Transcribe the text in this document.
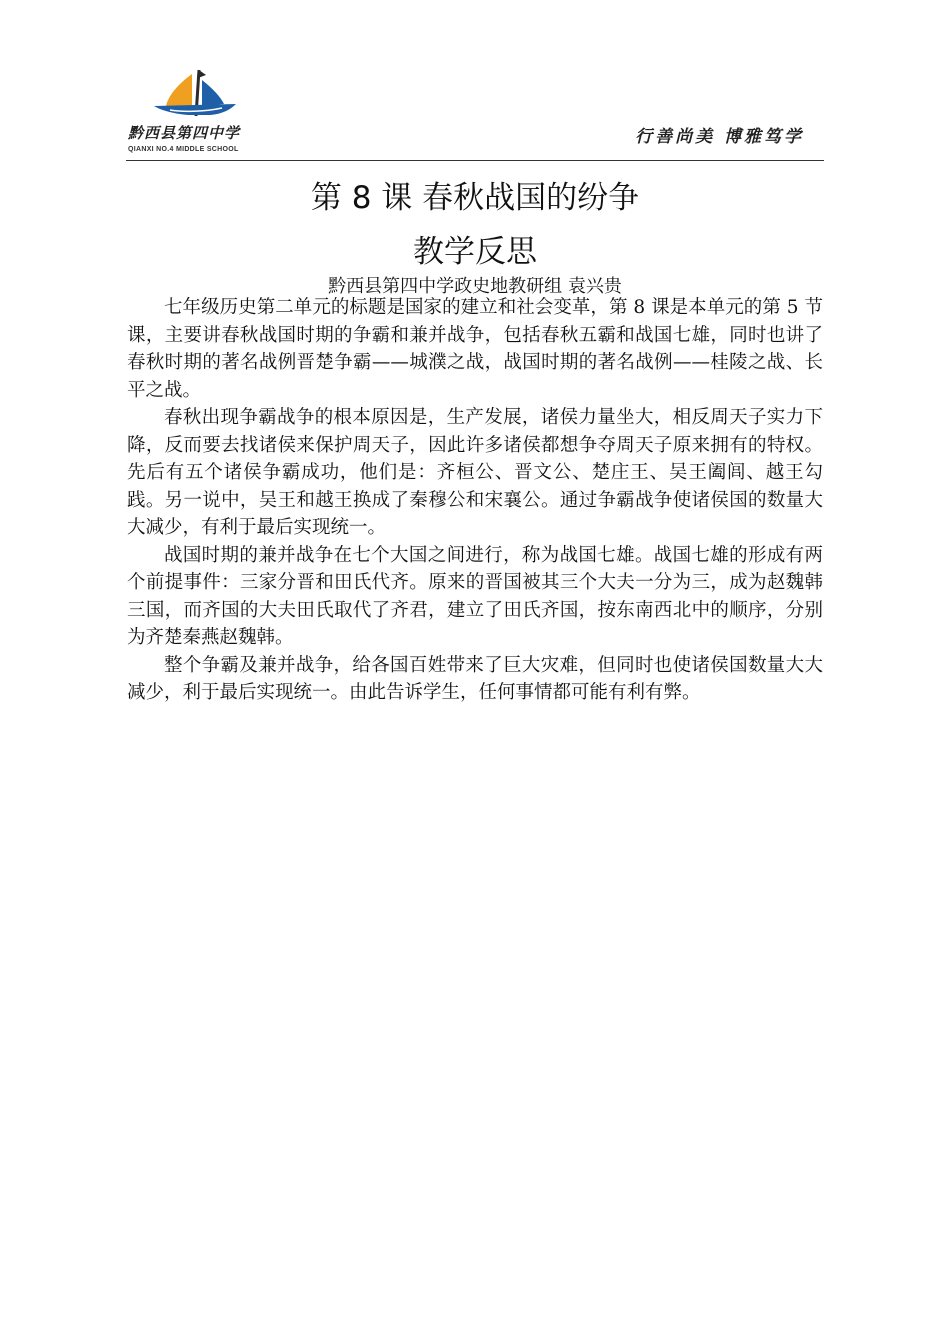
黔西县第四中学
QIANXI NO.4 MIDDLE SCHOOL
行善尚美 博雅笃学
第 8 课 春秋战国的纷争
教学反思
黔西县第四中学政史地教研组 袁兴贵

七年级历史第二单元的标题是国家的建立和社会变革，第 8 课是本单元的第 5 节课，主要讲春秋战国时期的争霸和兼并战争，包括春秋五霸和战国七雄，同时也讲了春秋时期的著名战例晋楚争霸——城濮之战，战国时期的著名战例——桂陵之战、长平之战。

春秋出现争霸战争的根本原因是，生产发展，诸侯力量坐大，相反周天子实力下降，反而要去找诸侯来保护周天子，因此许多诸侯都想争夺周天子原来拥有的特权。先后有五个诸侯争霸成功，他们是：齐桓公、晋文公、楚庄王、吴王阖闾、越王勾践。另一说中，吴王和越王换成了秦穆公和宋襄公。通过争霸战争使诸侯国的数量大大减少，有利于最后实现统一。

战国时期的兼并战争在七个大国之间进行，称为战国七雄。战国七雄的形成有两个前提事件：三家分晋和田氏代齐。原来的晋国被其三个大夫一分为三，成为赵魏韩三国，而齐国的大夫田氏取代了齐君，建立了田氏齐国，按东南西北中的顺序，分别为齐楚秦燕赵魏韩。

整个争霸及兼并战争，给各国百姓带来了巨大灾难，但同时也使诸侯国数量大大减少，利于最后实现统一。由此告诉学生，任何事情都可能有利有弊。
